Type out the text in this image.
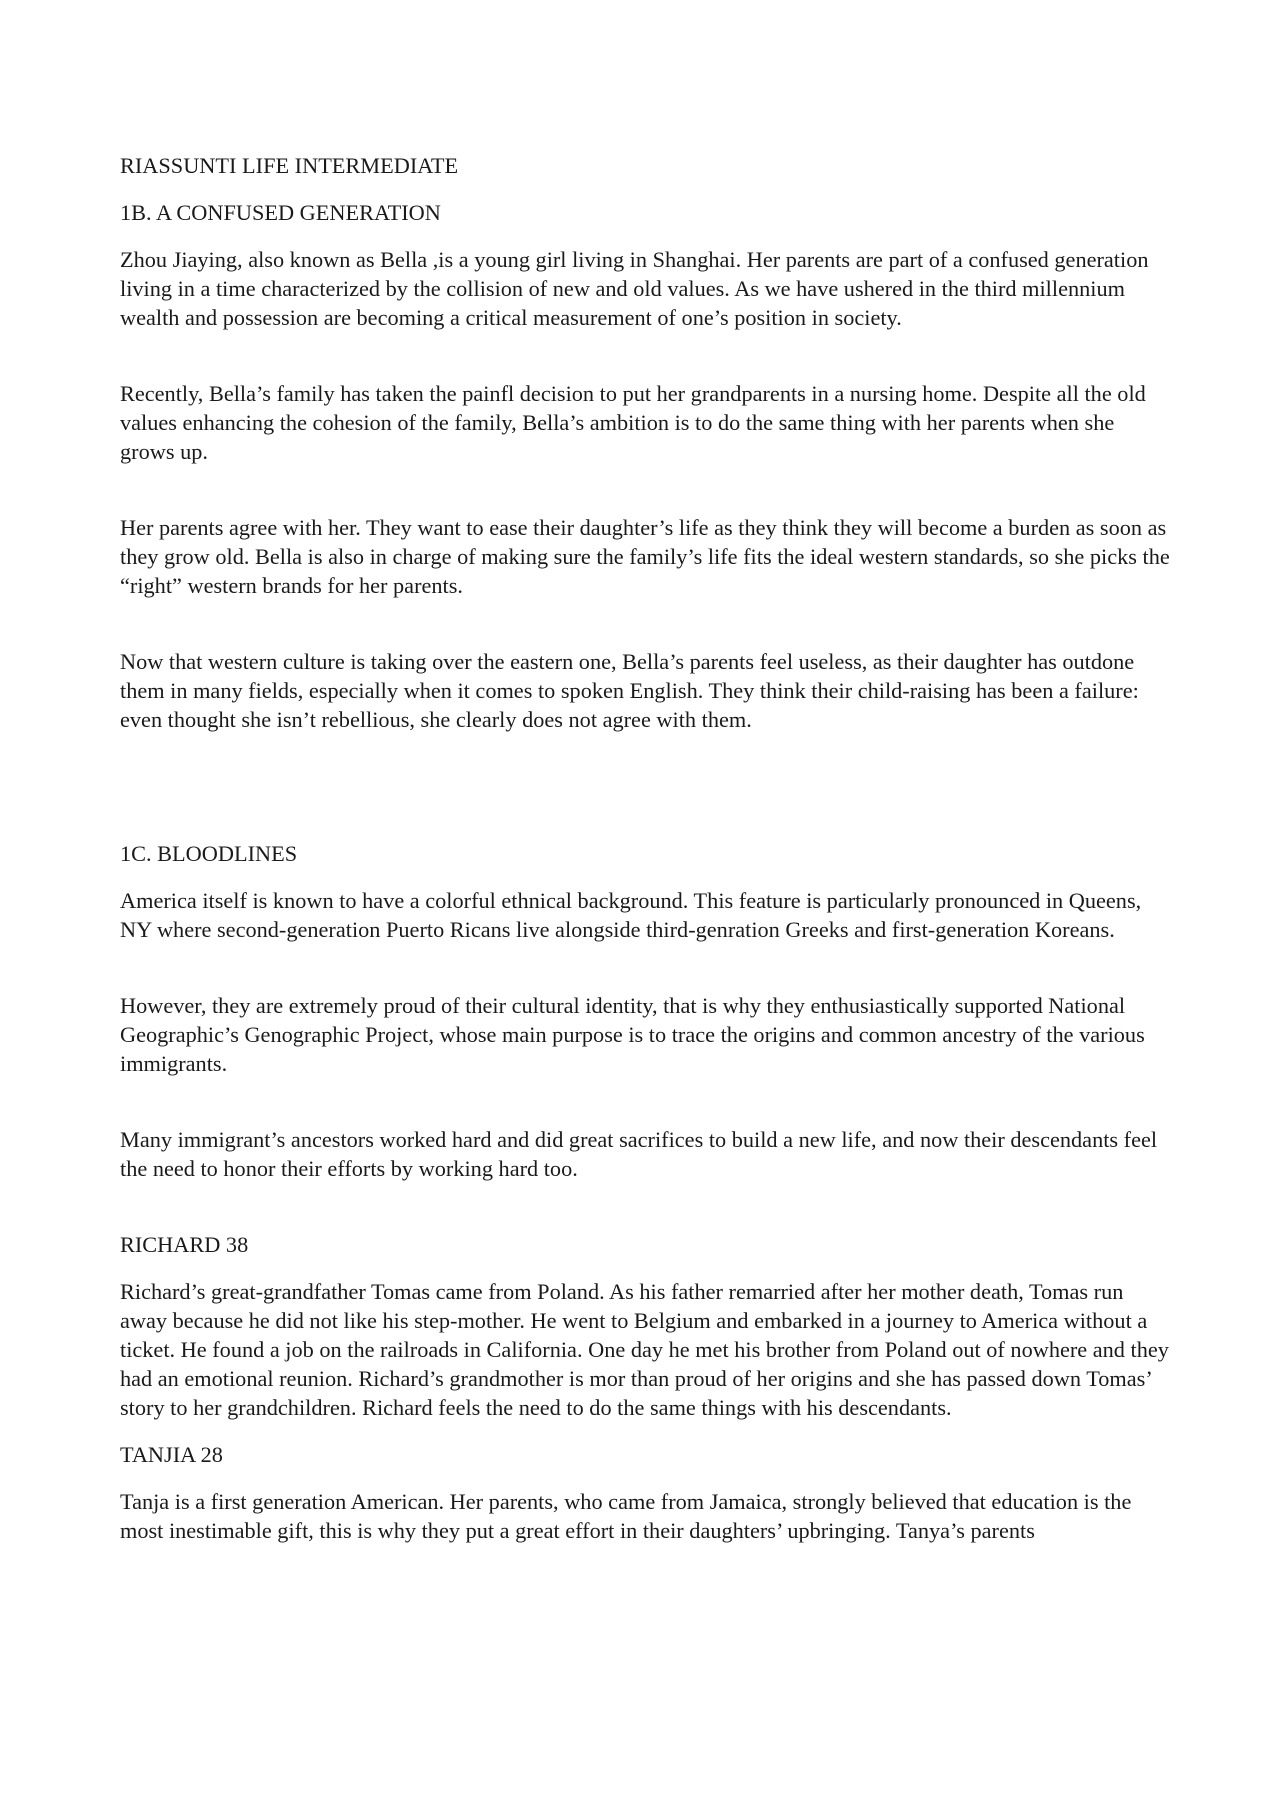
RIASSUNTI LIFE INTERMEDIATE

1B. A CONFUSED GENERATION

Zhou Jiaying, also known as Bella ,is a young girl living in Shanghai. Her parents are part of a confused generation living in a time characterized by the collision of new and old values. As we have ushered in the third millennium wealth and possession are becoming a critical measurement of one’s position in society.

Recently, Bella’s family has taken the painfl decision to put her grandparents in a nursing home. Despite all the old values enhancing the cohesion of the family, Bella’s ambition is to do the same thing with her parents when she grows up.

Her parents agree with her. They want to ease their daughter’s life as they think they will become a burden as soon as they grow old. Bella is also in charge of making sure the family’s life fits the ideal western standards, so she picks the “right” western brands for her parents.

Now that western culture is taking over the eastern one, Bella’s parents feel useless, as their daughter has outdone them in many fields, especially when it comes to spoken English. They think their child-raising has been a failure: even thought she isn’t rebellious, she clearly does not agree with them.

1C. BLOODLINES

America itself is known to have a colorful ethnical background. This feature is particularly pronounced in Queens, NY where second-generation Puerto Ricans live alongside third-genration Greeks and first-generation Koreans.

However, they are extremely proud of their cultural identity, that is why they enthusiastically supported National Geographic’s Genographic Project, whose main purpose is to trace the origins and common ancestry of the various immigrants.

Many immigrant’s ancestors worked hard and did great sacrifices to build a new life, and now their descendants feel the need to honor their efforts by working hard too.

RICHARD 38

Richard’s great-grandfather Tomas came from Poland. As his father remarried after her mother death, Tomas run away because he did not like his step-mother. He went to Belgium and embarked in a journey to America without a ticket. He found a job on the railroads in California. One day he met his brother from Poland out of nowhere and they had an emotional reunion. Richard’s grandmother is mor than proud of her origins and she has passed down Tomas’ story to her grandchildren. Richard feels the need to do the same things with his descendants.

TANJIA 28

Tanja is a first generation American. Her parents, who came from Jamaica, strongly believed that education is the most inestimable gift, this is why they put a great effort in their daughters’ upbringing. Tanya’s parents
